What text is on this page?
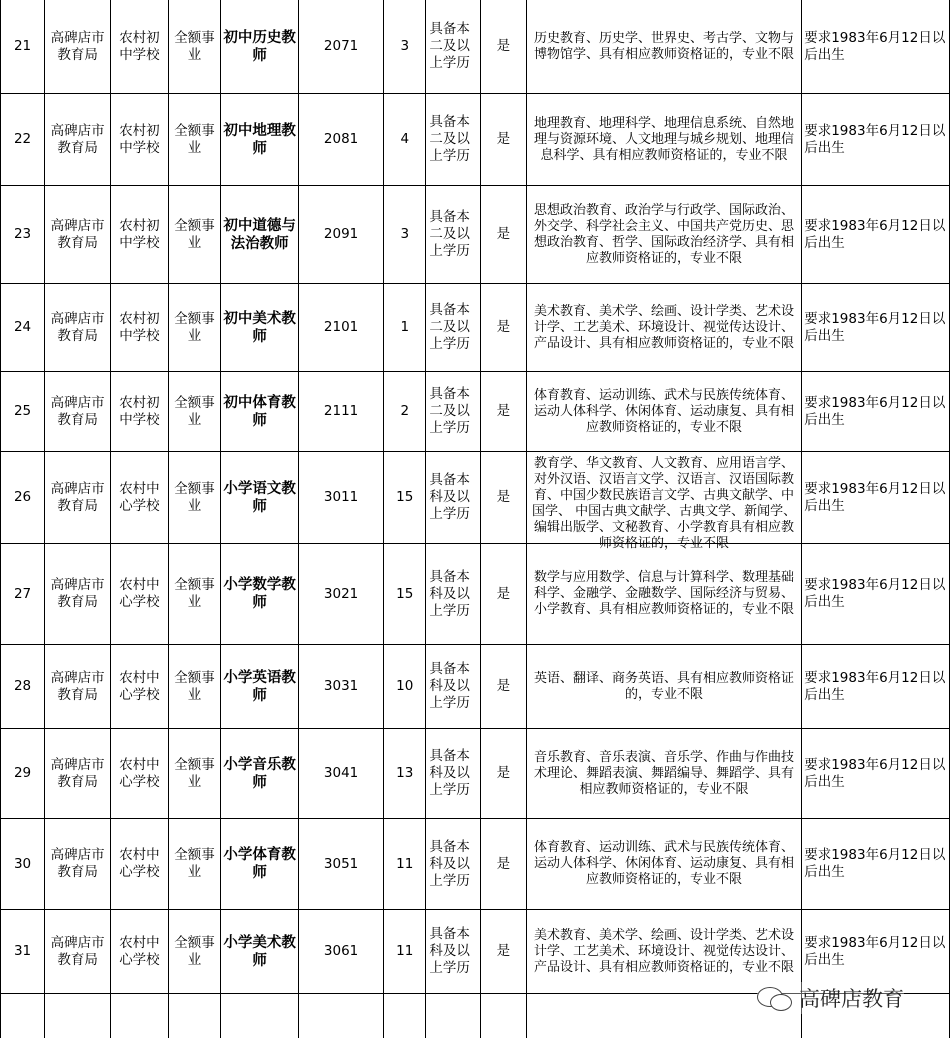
21	高碑店市教育局	农村初中学校	全额事业	初中历史教师	2071	3	具备本二及以上学历	是	历史教育、历史学、世界史、考古学、文物与博物馆学、具有相应教师资格证的，专业不限	要求1983年6月12日以后出生
22	高碑店市教育局	农村初中学校	全额事业	初中地理教师	2081	4	具备本二及以上学历	是	地理教育、地理科学、地理信息系统、自然地理与资源环境、人文地理与城乡规划、地理信息科学、具有相应教师资格证的，专业不限	要求1983年6月12日以后出生
23	高碑店市教育局	农村初中学校	全额事业	初中道德与法治教师	2091	3	具备本二及以上学历	是	思想政治教育、政治学与行政学、国际政治、外交学、科学社会主义、中国共产党历史、思想政治教育、哲学、国际政治经济学、具有相应教师资格证的，专业不限	要求1983年6月12日以后出生
24	高碑店市教育局	农村初中学校	全额事业	初中美术教师	2101	1	具备本二及以上学历	是	美术教育、美术学、绘画、设计学类、艺术设计学、工艺美术、环境设计、视觉传达设计、产品设计、具有相应教师资格证的，专业不限	要求1983年6月12日以后出生
25	高碑店市教育局	农村初中学校	全额事业	初中体育教师	2111	2	具备本二及以上学历	是	体育教育、运动训练、武术与民族传统体育、运动人体科学、休闲体育、运动康复、具有相应教师资格证的，专业不限	要求1983年6月12日以后出生
26	高碑店市教育局	农村中心学校	全额事业	小学语文教师	3011	15	具备本科及以上学历	是	教育学、华文教育、人文教育、应用语言学、对外汉语、汉语言文学、汉语言、汉语国际教育、中国少数民族语言文学、古典文献学、中国学、 中国古典文献学、古典文学、新闻学、编辑出版学、文秘教育、小学教育具有相应教师资格证的，专业不限	要求1983年6月12日以后出生
27	高碑店市教育局	农村中心学校	全额事业	小学数学教师	3021	15	具备本科及以上学历	是	数学与应用数学、信息与计算科学、数理基础科学、金融学、金融数学、国际经济与贸易、小学教育、具有相应教师资格证的，专业不限	要求1983年6月12日以后出生
28	高碑店市教育局	农村中心学校	全额事业	小学英语教师	3031	10	具备本科及以上学历	是	英语、翻译、商务英语、具有相应教师资格证的，专业不限	要求1983年6月12日以后出生
29	高碑店市教育局	农村中心学校	全额事业	小学音乐教师	3041	13	具备本科及以上学历	是	音乐教育、音乐表演、音乐学、作曲与作曲技术理论、舞蹈表演、舞蹈编导、舞蹈学、具有相应教师资格证的，专业不限	要求1983年6月12日以后出生
30	高碑店市教育局	农村中心学校	全额事业	小学体育教师	3051	11	具备本科及以上学历	是	体育教育、运动训练、武术与民族传统体育、运动人体科学、休闲体育、运动康复、具有相应教师资格证的，专业不限	要求1983年6月12日以后出生
31	高碑店市教育局	农村中心学校	全额事业	小学美术教师	3061	11	具备本科及以上学历	是	美术教育、美术学、绘画、设计学类、艺术设计学、工艺美术、环境设计、视觉传达设计、产品设计、具有相应教师资格证的，专业不限	要求1983年6月12日以后出生

高碑店教育
